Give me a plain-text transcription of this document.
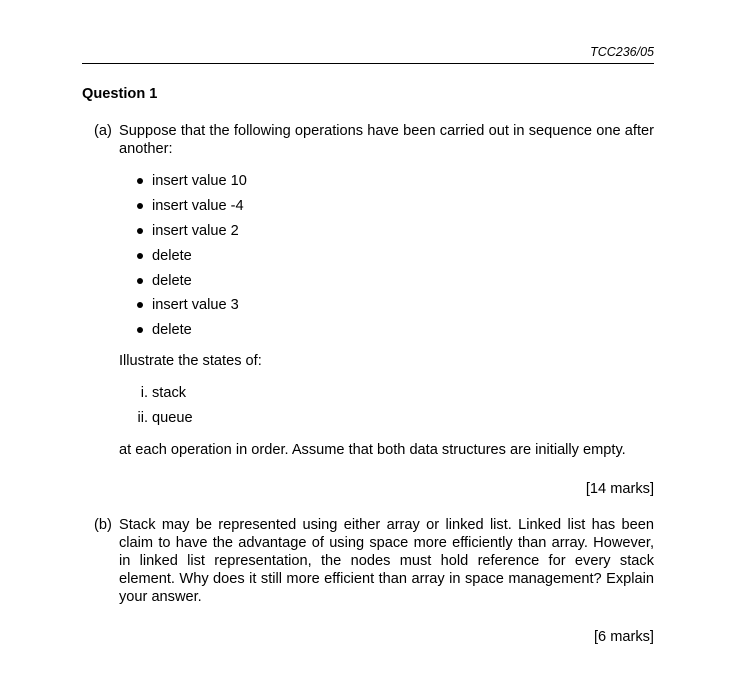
TCC236/05
Question 1
(a) Suppose that the following operations have been carried out in sequence one after another:
insert value 10
insert value -4
insert value 2
delete
delete
insert value 3
delete
Illustrate the states of:
i. stack
ii. queue
at each operation in order. Assume that both data structures are initially empty.
[14 marks]
(b) Stack may be represented using either array or linked list. Linked list has been claim to have the advantage of using space more efficiently than array. However, in linked list representation, the nodes must hold reference for every stack element. Why does it still more efficient than array in space management? Explain your answer.
[6 marks]
